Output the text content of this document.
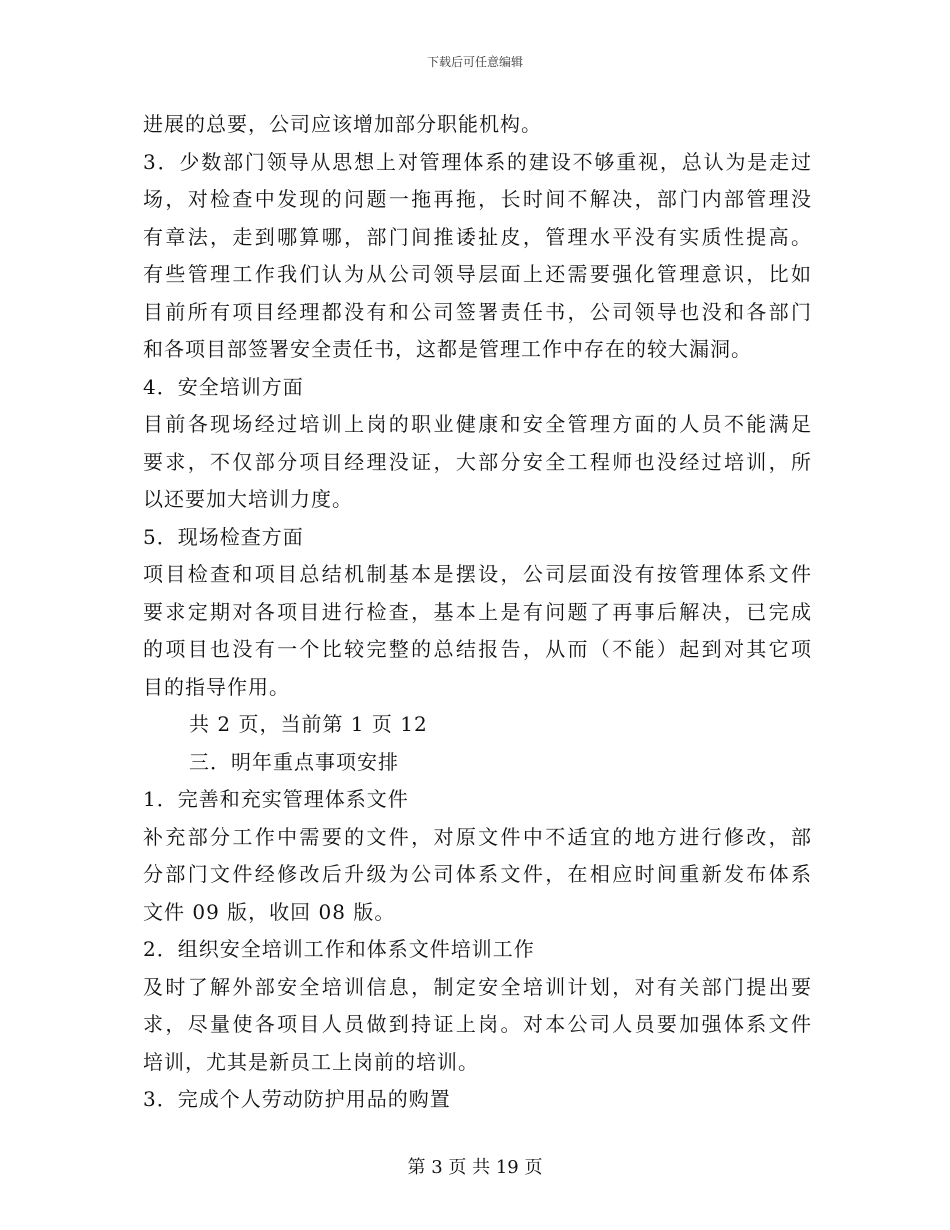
下载后可任意编辑
进展的总要，公司应该增加部分职能机构。
3．少数部门领导从思想上对管理体系的建设不够重视，总认为是走过
场，对检查中发现的问题一拖再拖，长时间不解决，部门内部管理没
有章法，走到哪算哪，部门间推诿扯皮，管理水平没有实质性提高。
有些管理工作我们认为从公司领导层面上还需要强化管理意识，比如
目前所有项目经理都没有和公司签署责任书，公司领导也没和各部门
和各项目部签署安全责任书，这都是管理工作中存在的较大漏洞。
4．安全培训方面
目前各现场经过培训上岗的职业健康和安全管理方面的人员不能满足
要求，不仅部分项目经理没证，大部分安全工程师也没经过培训，所
以还要加大培训力度。
5．现场检查方面
项目检查和项目总结机制基本是摆设，公司层面没有按管理体系文件
要求定期对各项目进行检查，基本上是有问题了再事后解决，已完成
的项目也没有一个比较完整的总结报告，从而（不能）起到对其它项
目的指导作用。
共 2 页，当前第 1 页 12
三．明年重点事项安排
1．完善和充实管理体系文件
补充部分工作中需要的文件，对原文件中不适宜的地方进行修改，部
分部门文件经修改后升级为公司体系文件，在相应时间重新发布体系
文件 09 版，收回 08 版。
2．组织安全培训工作和体系文件培训工作
及时了解外部安全培训信息，制定安全培训计划，对有关部门提出要
求，尽量使各项目人员做到持证上岗。对本公司人员要加强体系文件
培训，尤其是新员工上岗前的培训。
3．完成个人劳动防护用品的购置
第 3 页 共 19 页
